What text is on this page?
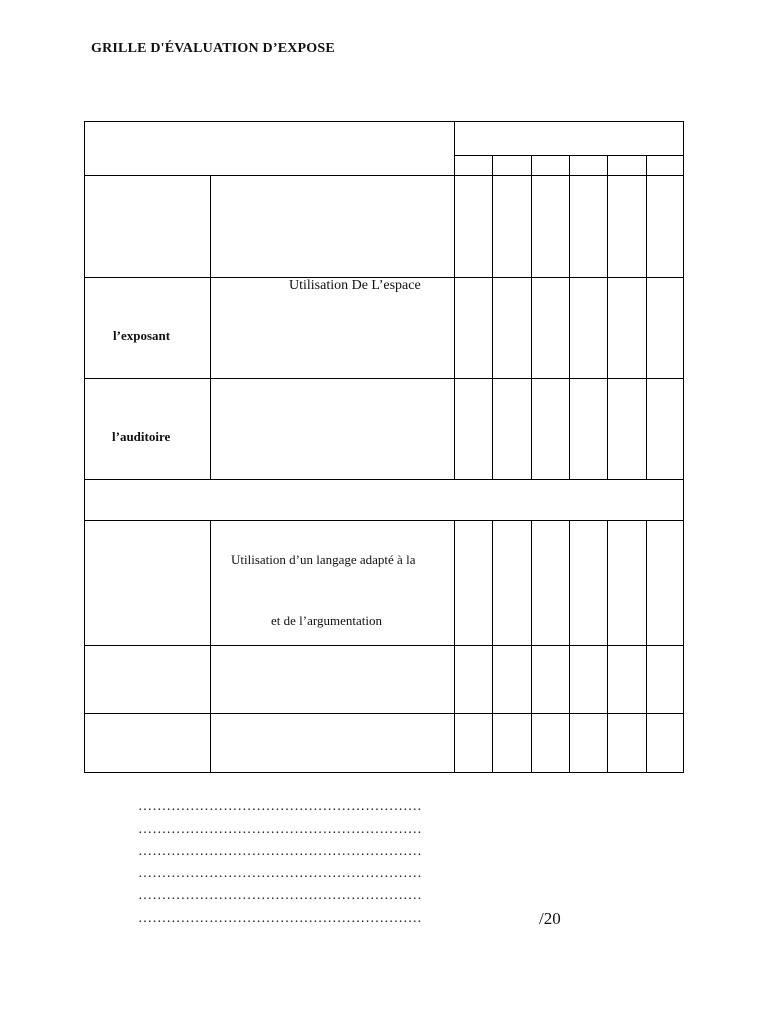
GRILLE D'ÉVALUATION D’EXPOSE
Utilisation De L’espace
l’exposant
l’auditoire
Utilisation d’un langage adapté à la
et de l’argumentation
……………………………………………………
……………………………………………………
……………………………………………………
……………………………………………………
……………………………………………………
……………………………………………………	/20
